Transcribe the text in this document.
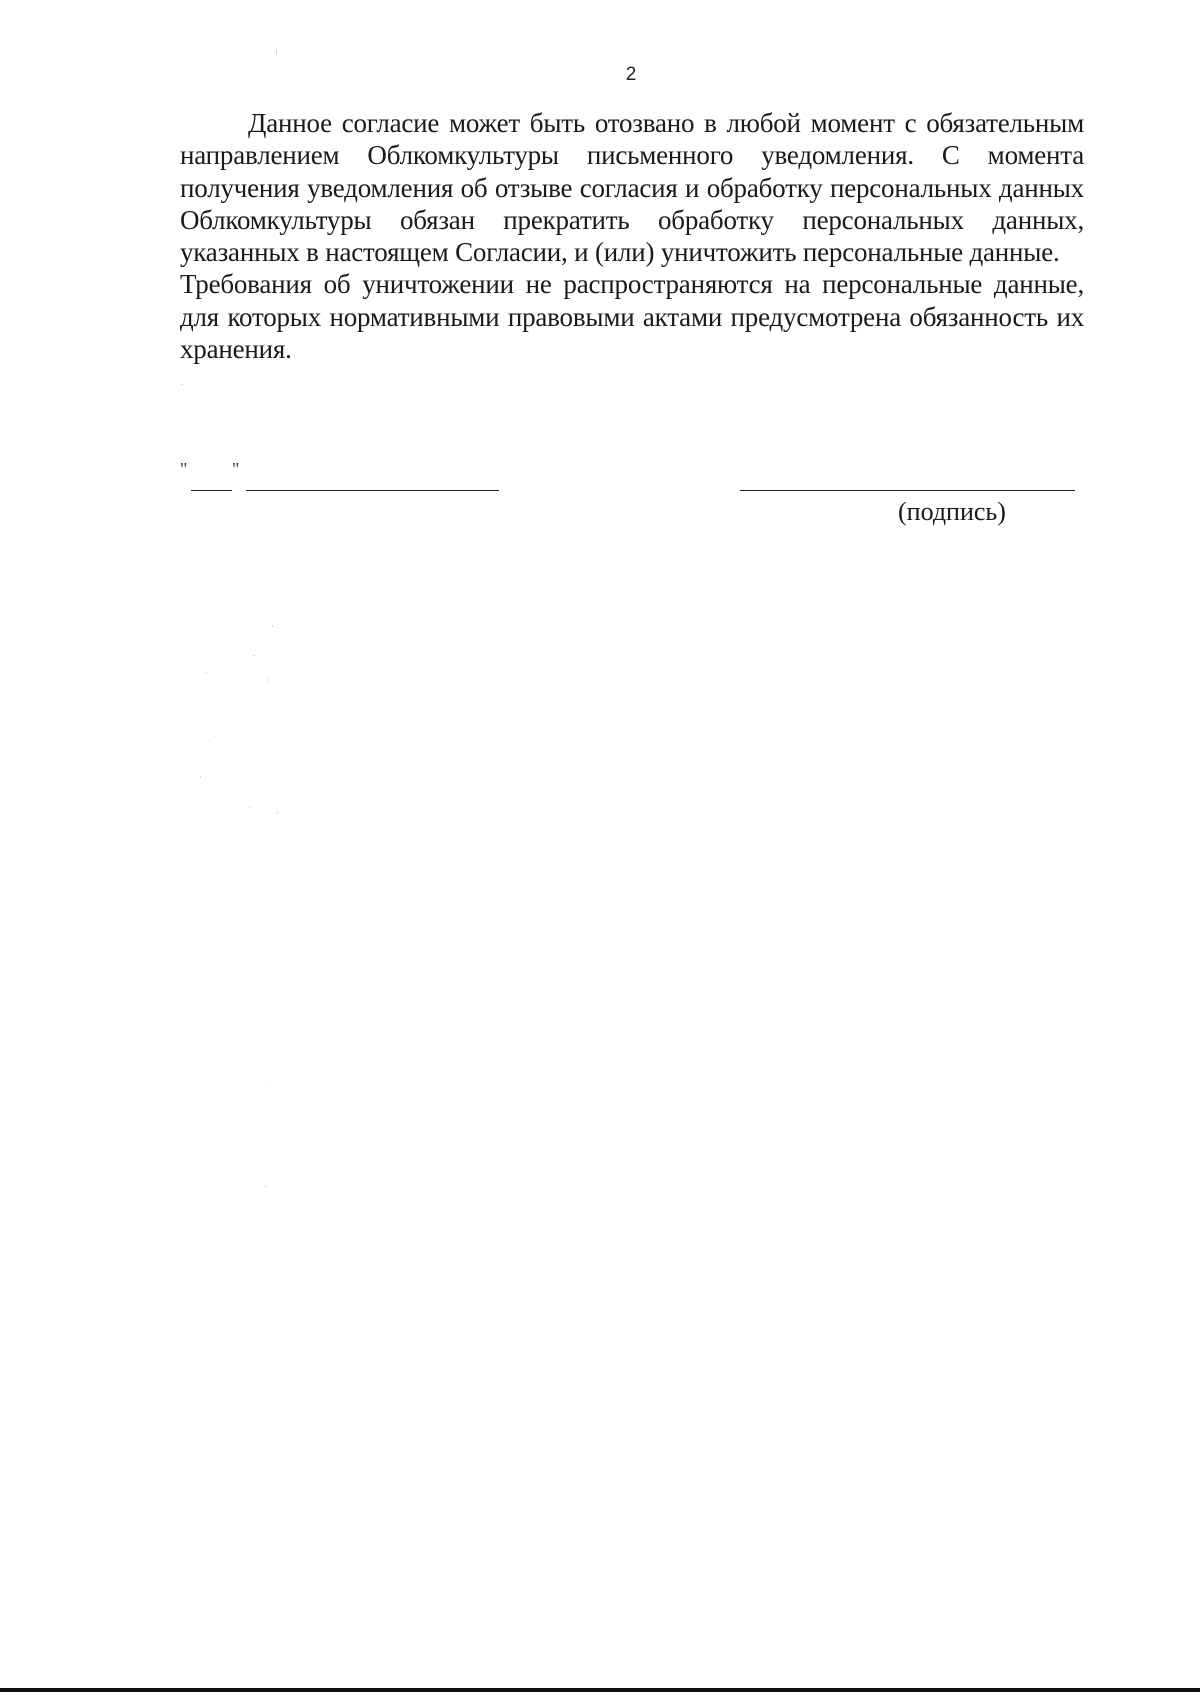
2

Данное согласие может быть отозвано в любой момент с обязательным направлением Облкомкультуры письменного уведомления. С момента получения уведомления об отзыве согласия и обработку персональных данных Облкомкультуры обязан прекратить обработку персональных данных, указанных в настоящем Согласии, и (или) уничтожить персональные данные.

Требования об уничтожении не распространяются на персональные данные, для которых нормативными правовыми актами предусмотрена обязанность их хранения.

" "
(подпись)
